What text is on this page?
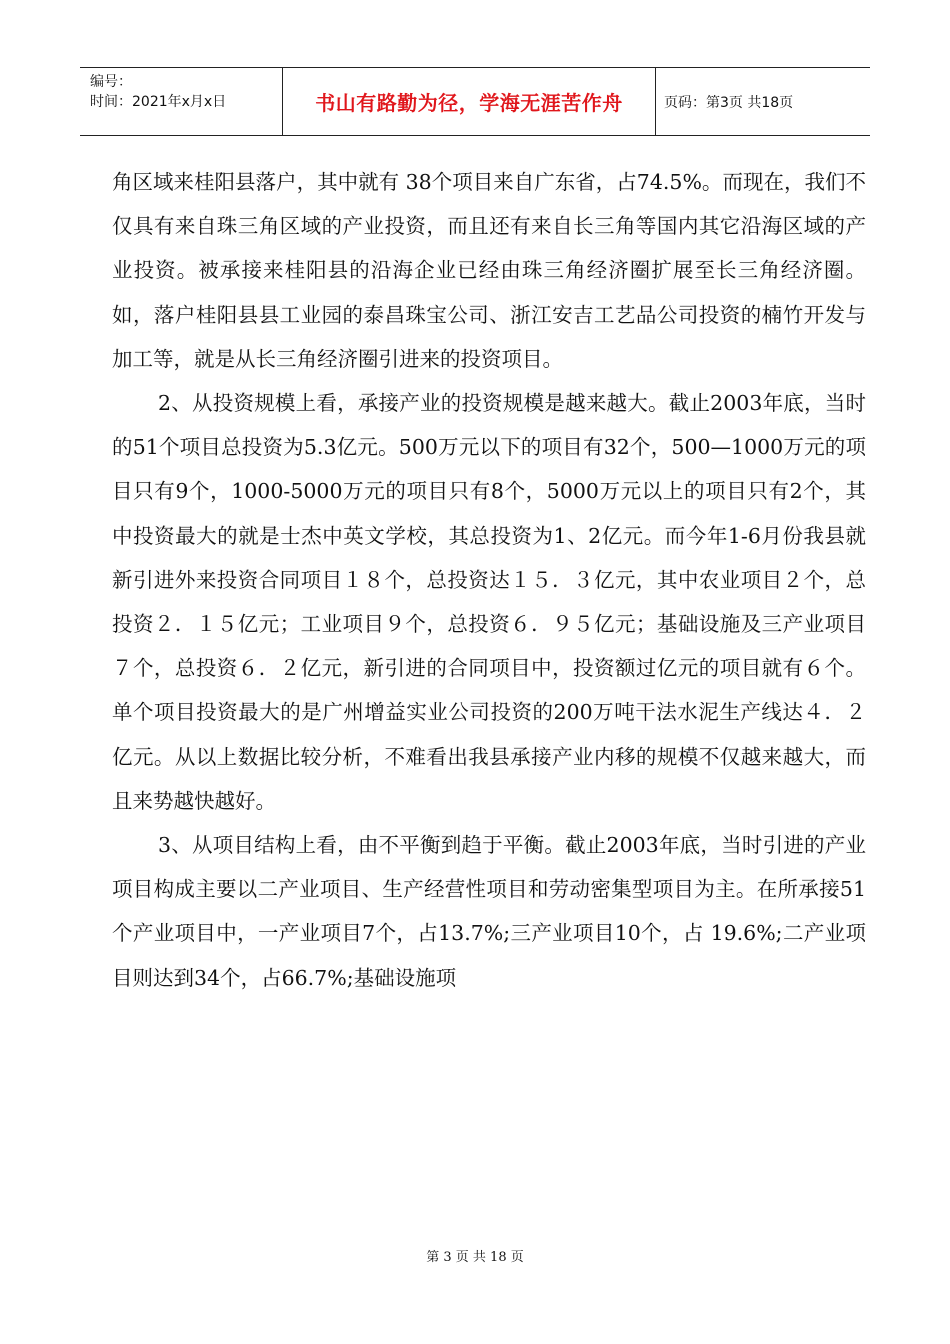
编号：
时间：2021年x月x日	书山有路勤为径，学海无涯苦作舟	页码：第3页 共18页

角区域来桂阳县落户，其中就有 38个项目来自广东省，占74.5%。而现在，我们不仅具有来自珠三角区域的产业投资，而且还有来自长三角等国内其它沿海区域的产业投资。被承接来桂阳县的沿海企业已经由珠三角经济圈扩展至长三角经济圈。如，落户桂阳县县工业园的泰昌珠宝公司、浙江安吉工艺品公司投资的楠竹开发与加工等，就是从长三角经济圈引进来的投资项目。

2、从投资规模上看，承接产业的投资规模是越来越大。截止2003年底，当时的51个项目总投资为5.3亿元。500万元以下的项目有32个，500—1000万元的项目只有9个，1000-5000万元的项目只有8个，5000万元以上的项目只有2个，其中投资最大的就是士杰中英文学校，其总投资为1、2亿元。而今年1-6月份我县就新引进外来投资合同项目１８个，总投资达１５．３亿元，其中农业项目２个，总投资２．１５亿元；工业项目９个，总投资６．９５亿元；基础设施及三产业项目７个，总投资６．２亿元，新引进的合同项目中，投资额过亿元的项目就有６个。单个项目投资最大的是广州增益实业公司投资的200万吨干法水泥生产线达４．２亿元。从以上数据比较分析，不难看出我县承接产业内移的规模不仅越来越大，而且来势越快越好。

3、从项目结构上看，由不平衡到趋于平衡。截止2003年底，当时引进的产业项目构成主要以二产业项目、生产经营性项目和劳动密集型项目为主。在所承接51个产业项目中，一产业项目7个，占13.7%;三产业项目10个，占 19.6%;二产业项目则达到34个，占66.7%;基础设施项

第 3 页 共 18 页
